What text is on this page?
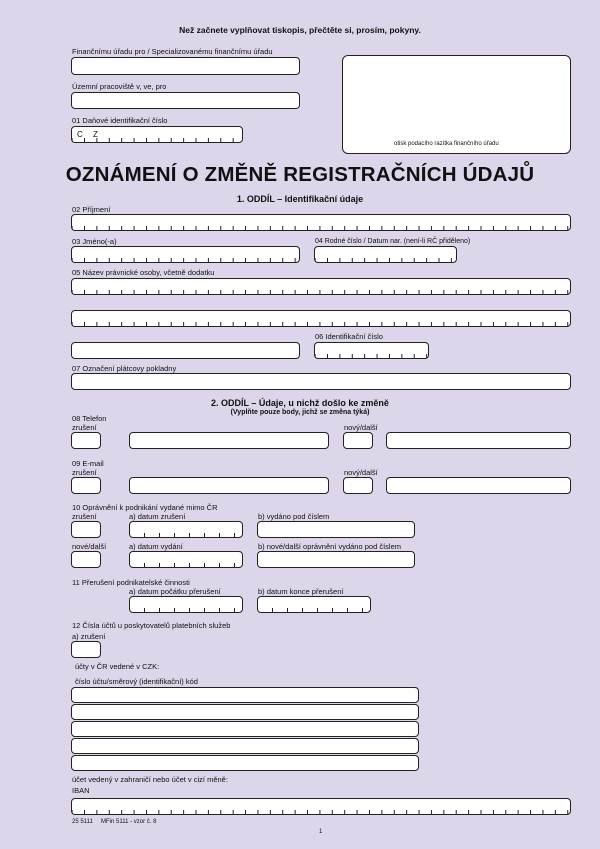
Než začnete vyplňovat tiskopis, přečtěte si, prosím, pokyny.
Finančnímu úřadu pro / Specializovanému finančnímu úřadu
Územní pracoviště v, ve, pro
01 Daňové identifikační číslo
C Z
otisk podacího razítka finančního úřadu
OZNÁMENÍ O ZMĚNĚ REGISTRAČNÍCH ÚDAJŮ
1. ODDÍL – Identifikační údaje
02 Příjmení
03 Jméno(-a)	04 Rodné číslo / Datum nar. (není-li RČ přiděleno)
05 Název právnické osoby, včetně dodatku
06 Identifikační číslo
07 Označení plátcovy pokladny
2. ODDÍL – Údaje, u nichž došlo ke změně
(Vyplňte pouze body, jichž se změna týká)
08 Telefon
zrušení	nový/další
09 E-mail
zrušení	nový/další
10 Oprávnění k podnikání vydané mimo ČR
zrušení	a) datum zrušení	b) vydáno pod číslem
nové/další	a) datum vydání	b) nové/další oprávnění vydáno pod číslem
11 Přerušení podnikatelské činnosti
a) datum počátku přerušení	b) datum konce přerušení
12 Čísla účtů u poskytovatelů platebních služeb
a) zrušení
účty v ČR vedené v CZK:
číslo účtu/směrový (identifikační) kód
účet vedený v zahraničí nebo účet v cizí měně:
IBAN
25 5111 MFin 5111 - vzor č. 8
1
